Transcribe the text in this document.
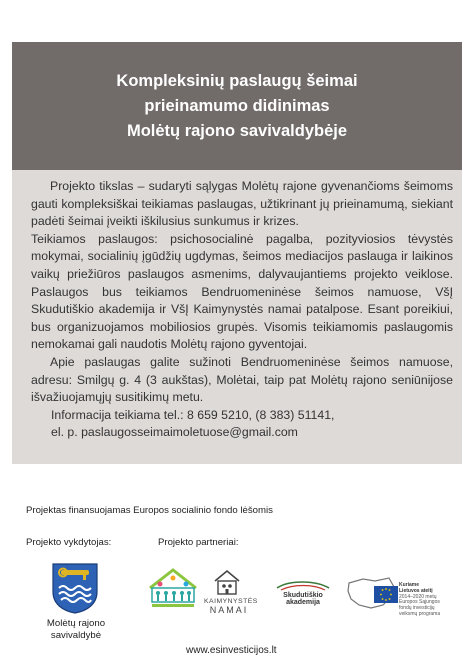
Kompleksinių paslaugų šeimai
prieinamumo didinimas
Molėtų rajono savivaldybėje

Projekto tikslas – sudaryti sąlygas Molėtų rajone gyvenančioms šeimoms gauti kompleksiškai teikiamas paslaugas, užtikrinant jų prieinamumą, siekiant padėti šeimai įveikti iškilusius sunkumus ir krizes.

Teikiamos paslaugos: psichosocialinė pagalba, pozityviosios tėvystės mokymai, socialinių įgūdžių ugdymas, šeimos mediacijos paslauga ir laikinos vaikų priežiūros paslaugos asmenims, dalyvaujantiems projekto veiklose. Paslaugos bus teikiamos Bendruomeninėse šeimos namuose, VšĮ Skudutiškio akademija ir VšĮ Kaimynystės namai patalpose. Esant poreikiui, bus organizuojamos mobiliosios grupės. Visomis teikiamomis paslaugomis nemokamai gali naudotis Molėtų rajono gyventojai.

Apie paslaugas galite sužinoti Bendruomeninėse šeimos namuose, adresu: Smilgų g. 4 (3 aukštas), Molėtai, taip pat Molėtų rajono seniūnijose išvažiuojamųjų susitikimų metu.

Informacija teikiama tel.: 8 659 5210, (8 383) 51141,

el. p. paslaugosseimaimoletuose@gmail.com

Projektas finansuojamas Europos socialinio fondo lėšomis
Projekto vykdytojas:	Projekto partneriai:
Molėtų rajono
savivaldybė
KAIMYNYSTĖS
NAMAI
Skudutiškio
akademija
Kuriame
Lietuvos ateitį
2014–2020 metų
Europos Sąjungos
fondų investicijų
veiksmų programa
www.esinvesticijos.lt
